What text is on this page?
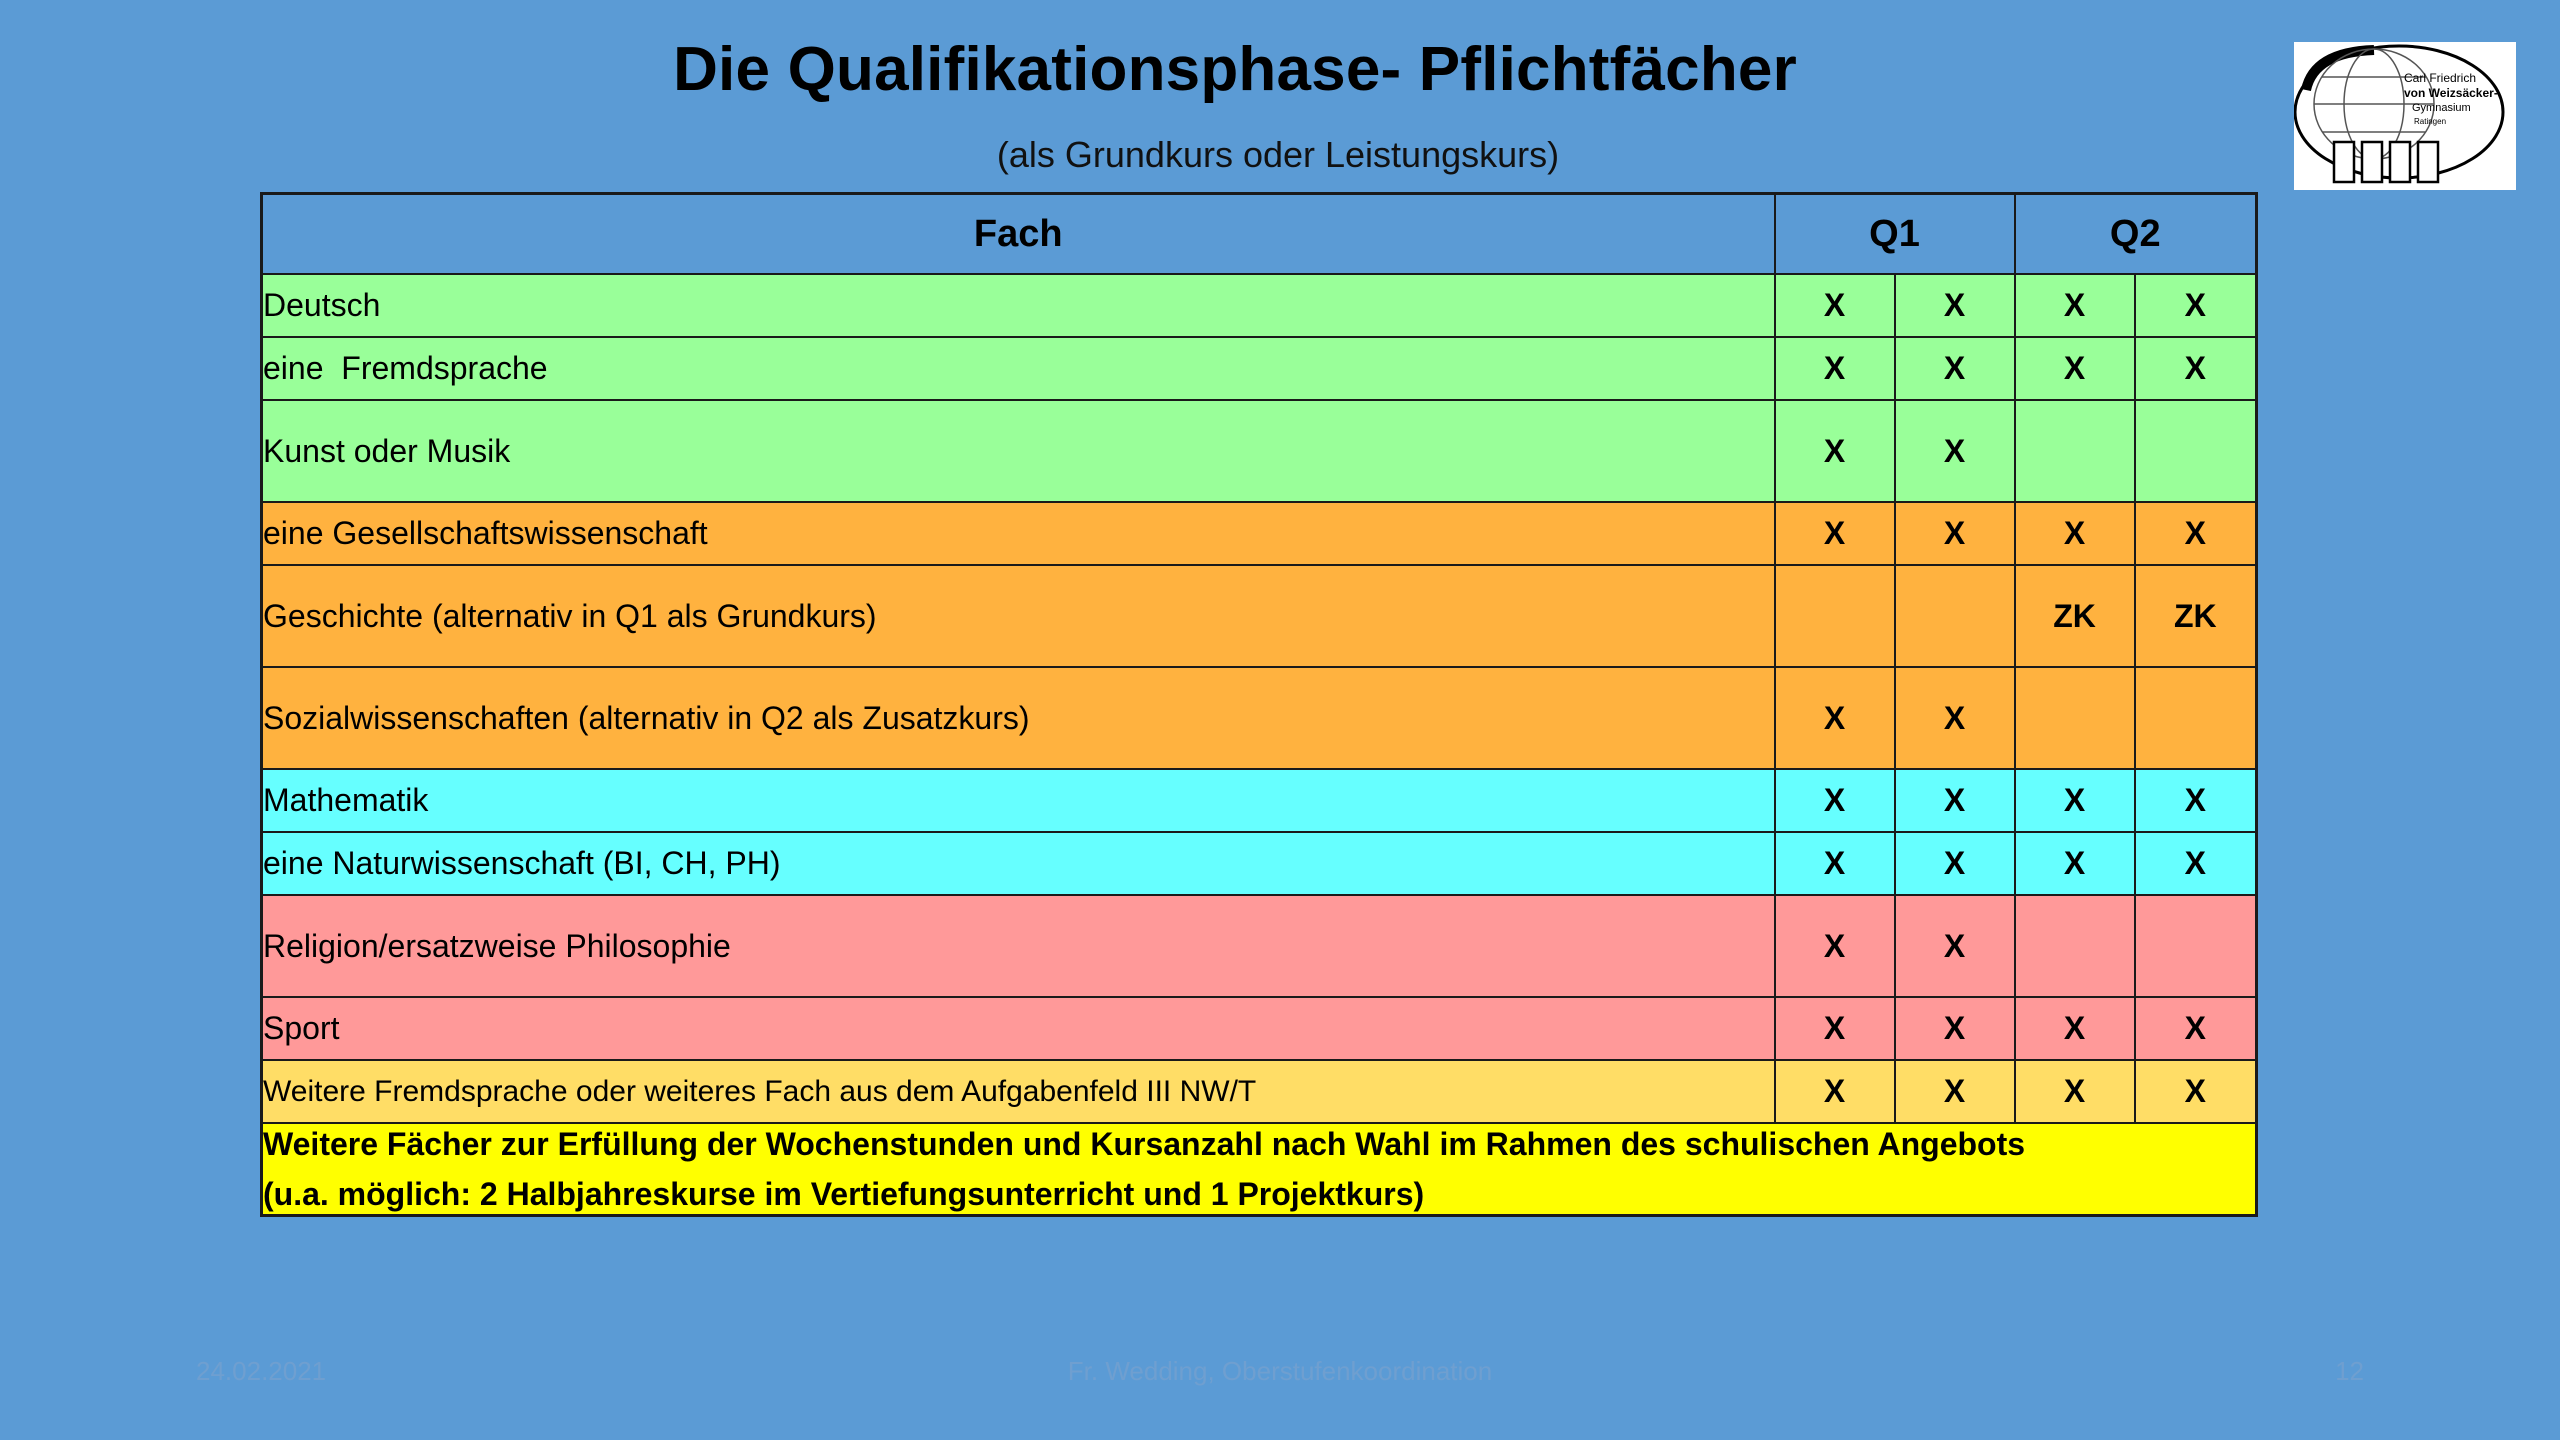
Die Qualifikationsphase- Pflichtfächer
(als Grundkurs oder Leistungskurs)
Carl Friedrich
von Weizsäcker-
Gymnasium
Ratingen
Fach	Q1		Q2	
Deutsch	X	X	X	X
eine  Fremdsprache	X	X	X	X
Kunst oder Musik	X	X		
eine Gesellschaftswissenschaft	X	X	X	X
Geschichte (alternativ in Q1 als Grundkurs)			ZK	ZK
Sozialwissenschaften (alternativ in Q2 als Zusatzkurs)	X	X		
Mathematik	X	X	X	X
eine Naturwissenschaft (BI, CH, PH)	X	X	X	X
Religion/ersatzweise Philosophie	X	X		
Sport	X	X	X	X
Weitere Fremdsprache oder weiteres Fach aus dem Aufgabenfeld III NW/T	X	X	X	X
Weitere Fächer zur Erfüllung der Wochenstunden und Kursanzahl nach Wahl im Rahmen des schulischen Angebots
(u.a. möglich: 2 Halbjahreskurse im Vertiefungsunterricht und 1 Projektkurs)				
24.02.2021	Fr. Wedding, Oberstufenkoordination	12
